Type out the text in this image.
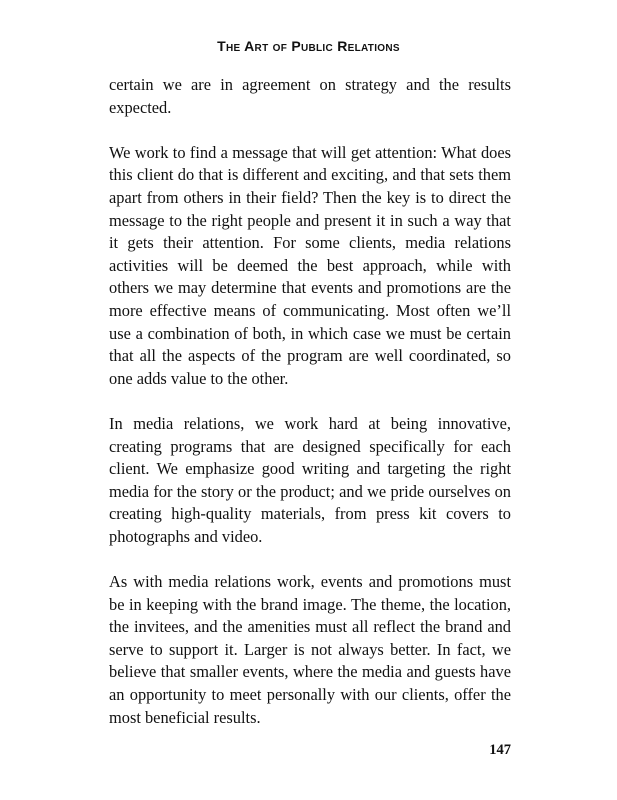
The Art of Public Relations

certain we are in agreement on strategy and the results expected.

We work to find a message that will get attention: What does this client do that is different and exciting, and that sets them apart from others in their field? Then the key is to direct the message to the right people and present it in such a way that it gets their attention. For some clients, media relations activities will be deemed the best approach, while with others we may determine that events and promotions are the more effective means of communicating. Most often we’ll use a combination of both, in which case we must be certain that all the aspects of the program are well coordinated, so one adds value to the other.

In media relations, we work hard at being innovative, creating programs that are designed specifically for each client. We emphasize good writing and targeting the right media for the story or the product; and we pride ourselves on creating high-quality materials, from press kit covers to photographs and video.

As with media relations work, events and promotions must be in keeping with the brand image. The theme, the location, the invitees, and the amenities must all reflect the brand and serve to support it. Larger is not always better. In fact, we believe that smaller events, where the media and guests have an opportunity to meet personally with our clients, offer the most beneficial results.

147
